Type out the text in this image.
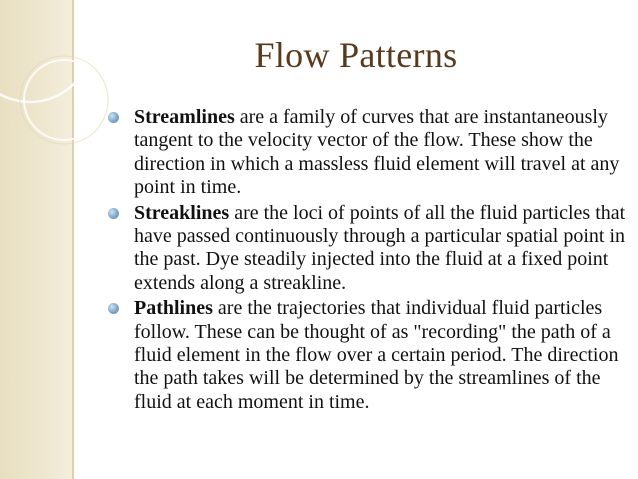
Flow Patterns
Streamlines are a family of curves that are instantaneously tangent to the velocity vector of the flow. These show the direction in which a massless fluid element will travel at any point in time.
Streaklines are the loci of points of all the fluid particles that have passed continuously through a particular spatial point in the past. Dye steadily injected into the fluid at a fixed point extends along a streakline.
Pathlines are the trajectories that individual fluid particles follow. These can be thought of as "recording" the path of a fluid element in the flow over a certain period. The direction the path takes will be determined by the streamlines of the fluid at each moment in time.
